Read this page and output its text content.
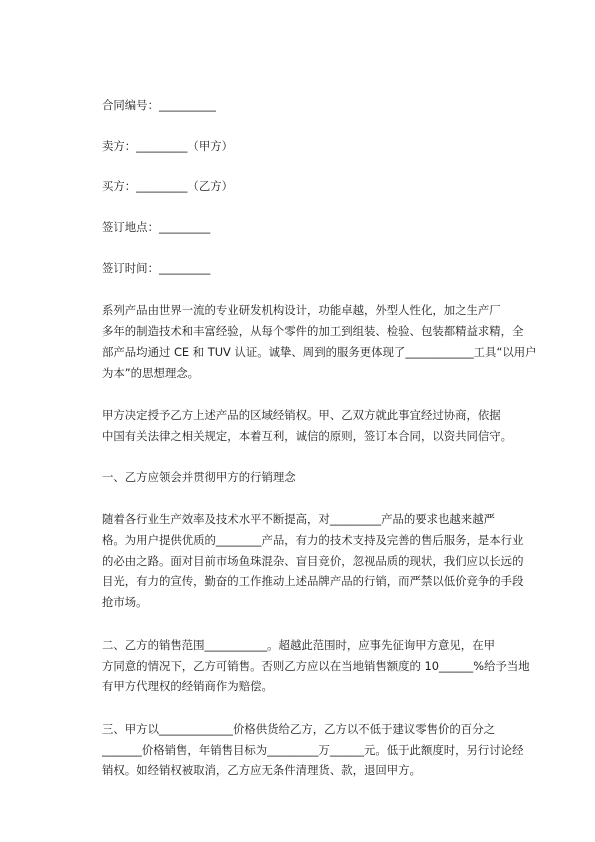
合同编号：__________
卖方：_________（甲方）
买方：_________（乙方）
签订地点：_________
签订时间：_________
系列产品由世界一流的专业研发机构设计，功能卓越，外型人性化，加之生产厂
多年的制造技术和丰富经验，从每个零件的加工到组装、检验、包装都精益求精，全
部产品均通过 CE 和 TUV 认证。诚挚、周到的服务更体现了____________工具“以用户
为本”的思想理念。
甲方决定授予乙方上述产品的区域经销权。甲、乙双方就此事宜经过协商，依据
中国有关法律之相关规定，本着互利，诚信的原则，签订本合同，以资共同信守。
一、乙方应领会并贯彻甲方的行销理念
随着各行业生产效率及技术水平不断提高，对_________产品的要求也越来越严
格。为用户提供优质的________产品，有力的技术支持及完善的售后服务，是本行业
的必由之路。面对目前市场鱼珠混杂、盲目竞价，忽视品质的现状，我们应以长远的
目光，有力的宣传，勤奋的工作推动上述品牌产品的行销，而严禁以低价竞争的手段
抢市场。
二、乙方的销售范围___________。超越此范围时，应事先征询甲方意见，在甲
方同意的情况下，乙方可销售。否则乙方应以在当地销售额度的 10______%给予当地
有甲方代理权的经销商作为赔偿。
三、甲方以_____________价格供货给乙方，乙方以不低于建议零售价的百分之
_______价格销售，年销售目标为_________万______元。低于此额度时，另行讨论经
销权。如经销权被取消，乙方应无条件清理货、款，退回甲方。
